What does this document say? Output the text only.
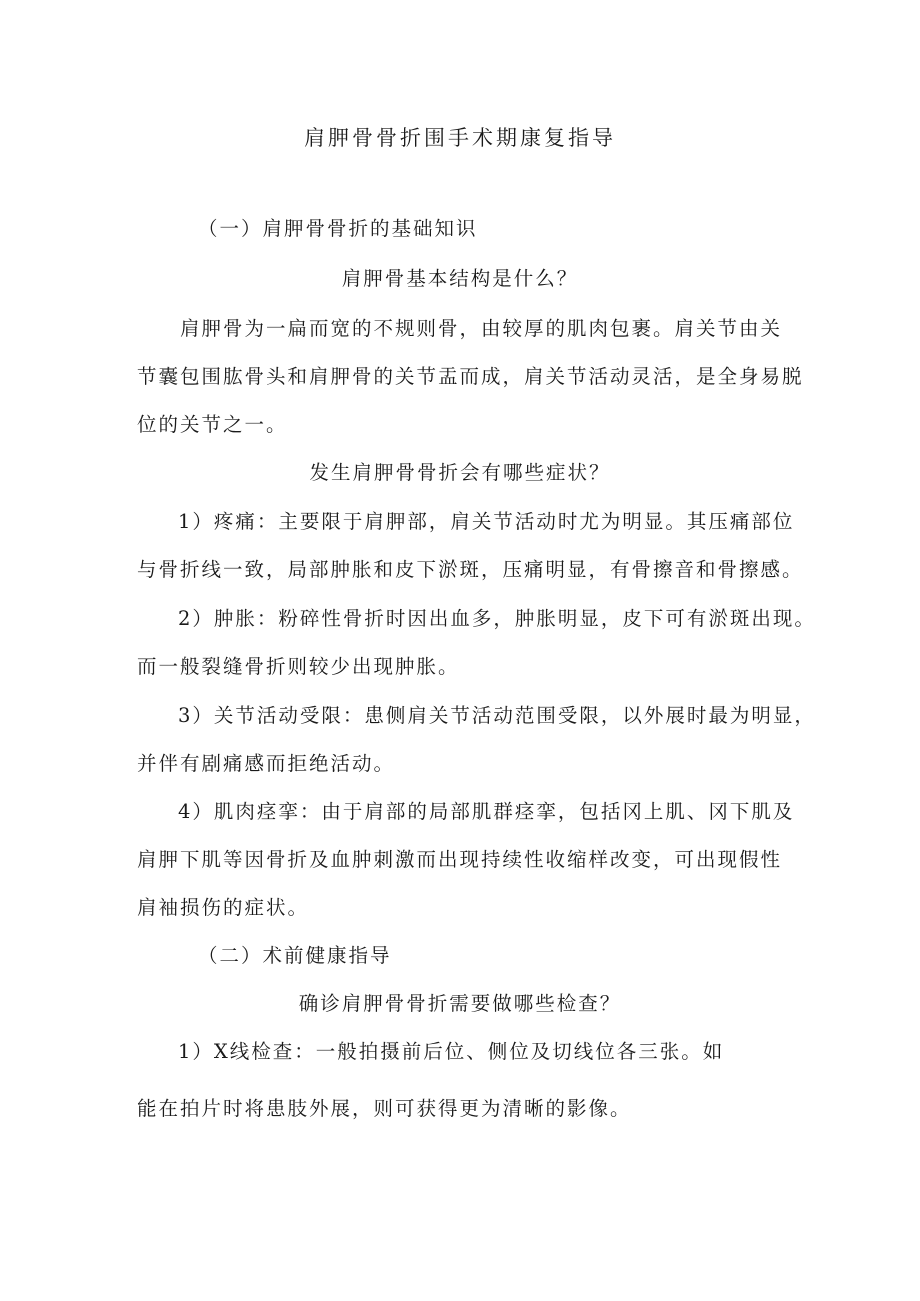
肩胛骨骨折围手术期康复指导
（一）肩胛骨骨折的基础知识
肩胛骨基本结构是什么？
肩胛骨为一扁而宽的不规则骨，由较厚的肌肉包裹。肩关节由关
节囊包围肱骨头和肩胛骨的关节盂而成，肩关节活动灵活，是全身易脱
位的关节之一。
发生肩胛骨骨折会有哪些症状？
1）疼痛：主要限于肩胛部，肩关节活动时尤为明显。其压痛部位
与骨折线一致，局部肿胀和皮下淤斑，压痛明显，有骨擦音和骨擦感。
2）肿胀：粉碎性骨折时因出血多，肿胀明显，皮下可有淤斑出现。
而一般裂缝骨折则较少出现肿胀。
3）关节活动受限：患侧肩关节活动范围受限，以外展时最为明显，
并伴有剧痛感而拒绝活动。
4）肌肉痉挛：由于肩部的局部肌群痉挛，包括冈上肌、冈下肌及
肩胛下肌等因骨折及血肿刺激而出现持续性收缩样改变，可出现假性
肩袖损伤的症状。
（二）术前健康指导
确诊肩胛骨骨折需要做哪些检查？
1）X线检查：一般拍摄前后位、侧位及切线位各三张。如
能在拍片时将患肢外展，则可获得更为清晰的影像。
